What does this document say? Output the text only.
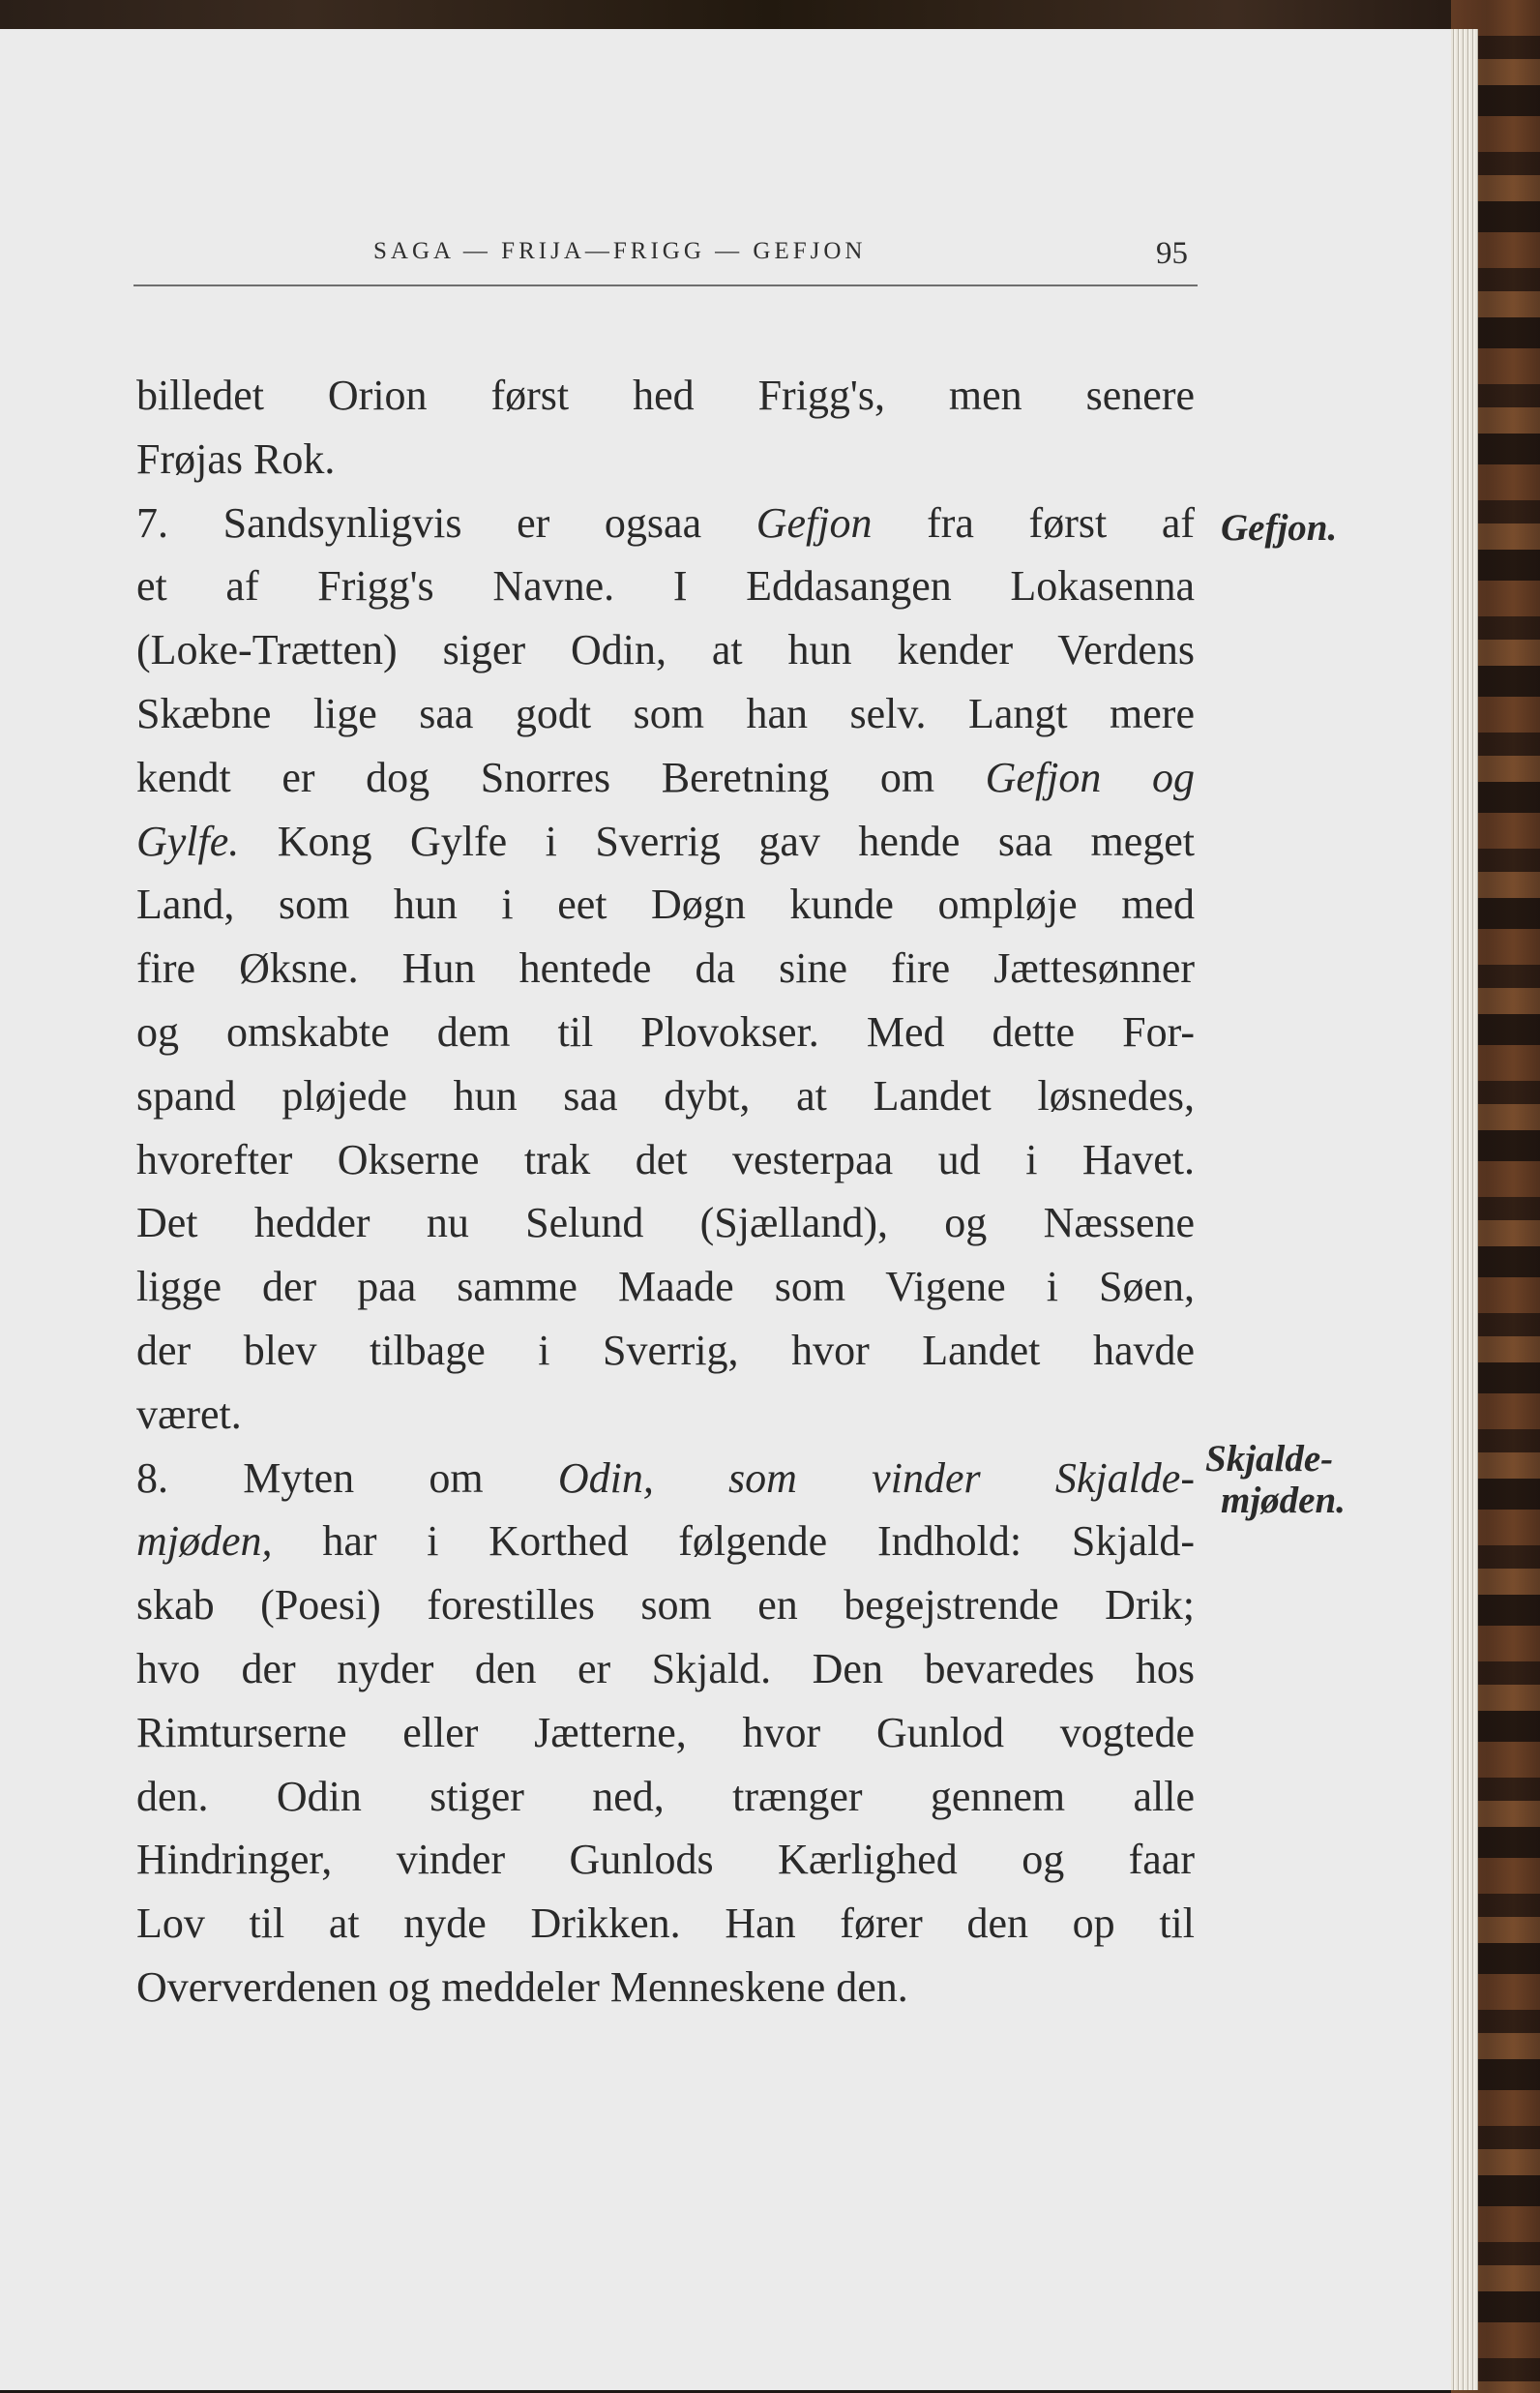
SAGA — FRIJA—FRIGG — GEFJON	95
billedet Orion først hed Frigg's, men senere
Frøjas Rok.
7. Sandsynligvis er ogsaa Gefjon fra først af
et af Frigg's Navne. I Eddasangen Lokasenna
(Loke-Trætten) siger Odin, at hun kender Verdens
Skæbne lige saa godt som han selv. Langt mere
kendt er dog Snorres Beretning om Gefjon og
Gylfe. Kong Gylfe i Sverrig gav hende saa meget
Land, som hun i eet Døgn kunde ompløje med
fire Øksne. Hun hentede da sine fire Jættesønner
og omskabte dem til Plovokser. Med dette For-
spand pløjede hun saa dybt, at Landet løsnedes,
hvorefter Okserne trak det vesterpaa ud i Havet.
Det hedder nu Selund (Sjælland), og Næssene
ligge der paa samme Maade som Vigene i Søen,
der blev tilbage i Sverrig, hvor Landet havde
været.
8. Myten om Odin, som vinder Skjalde-
mjøden, har i Korthed følgende Indhold: Skjald-
skab (Poesi) forestilles som en begejstrende Drik;
hvo der nyder den er Skjald. Den bevaredes hos
Rimturserne eller Jætterne, hvor Gunlod vogtede
den. Odin stiger ned, trænger gennem alle
Hindringer, vinder Gunlods Kærlighed og faar
Lov til at nyde Drikken. Han fører den op til
Oververdenen og meddeler Menneskene den.
Gefjon.
Skjalde-
mjøden.
